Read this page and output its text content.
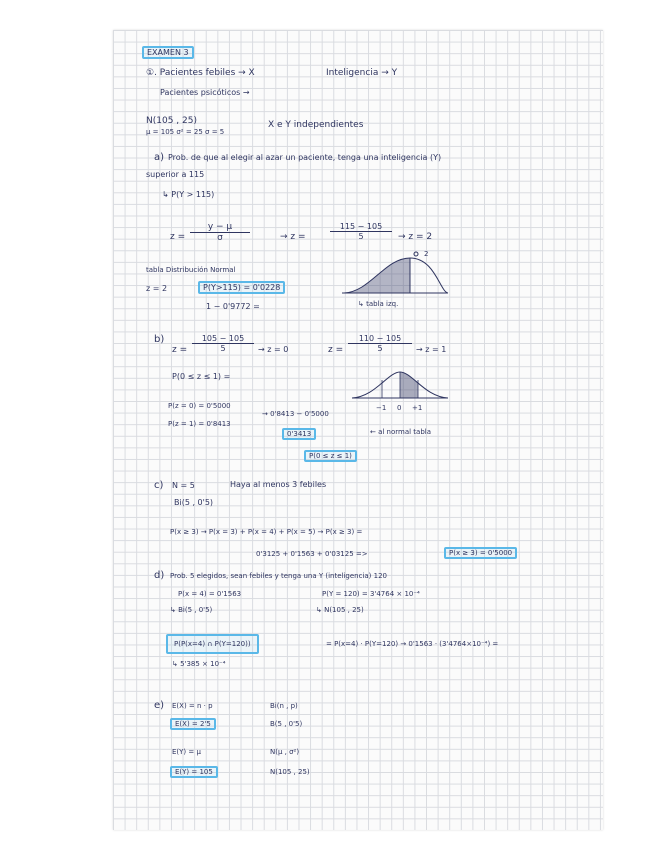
EXAMEN 3
①. Pacientes febiles → X	Inteligencia → Y
Pacientes psicóticos →
N(105 , 25)	X e Y independientes
μ = 105 σ² = 25 σ = 5
a) Prob. de que al elegir al azar un paciente, tenga una inteligencia (Y)
superior a 115
↳ P(Y > 115)
$z = \frac{y - \mu}{\sigma}$	→ z =	$\frac{115 - 105}{5} \to z = 2$
tabla Distribución Normal
z = 2	P(Y>115) = 0'0228
1 − 0'9772 =
2
↳ tabla izq.
b)
$z = \frac{105 - 105}{5} \to z = 0$	$z = \frac{110 - 105}{5} \to z = 1$
P(0 ≤ z ≤ 1) =
P(z = 0) = 0'5000
P(z = 1) = 0'8413
→ 0'8413 − 0'5000
0'3413
P(0 ≤ z ≤ 1)
−1 0 +1
← al normal tabla
c) N = 5	Haya al menos 3 febiles
Bi(5 , 0'5)
P(x ≥ 3) → P(x = 3) + P(x = 4) + P(x = 5) → P(x ≥ 3) =
0'3125 + 0'1563 + 0'03125 =>	P(x ≥ 3) = 0'5000
d) Prob. 5 elegidos, sean febiles y tenga una Y (inteligencia) 120
P(x = 4) = 0'1563
↳ Bi(5 , 0'5)
P(Y = 120) = 3'4764 × 10⁻⁴
↳ N(105 , 25)
P(P(x=4) ∩ P(Y=120))	= P(x=4) · P(Y=120) → 0'1563 · (3'4764×10⁻⁴) =
↳ 5'385 × 10⁻⁴
e) E(X) = n · p	Bi(n , p)
E(X) = 2'5	B(5 , 0'5)
E(Y) = μ	N(μ , σ²)
E(Y) = 105	N(105 , 25)
